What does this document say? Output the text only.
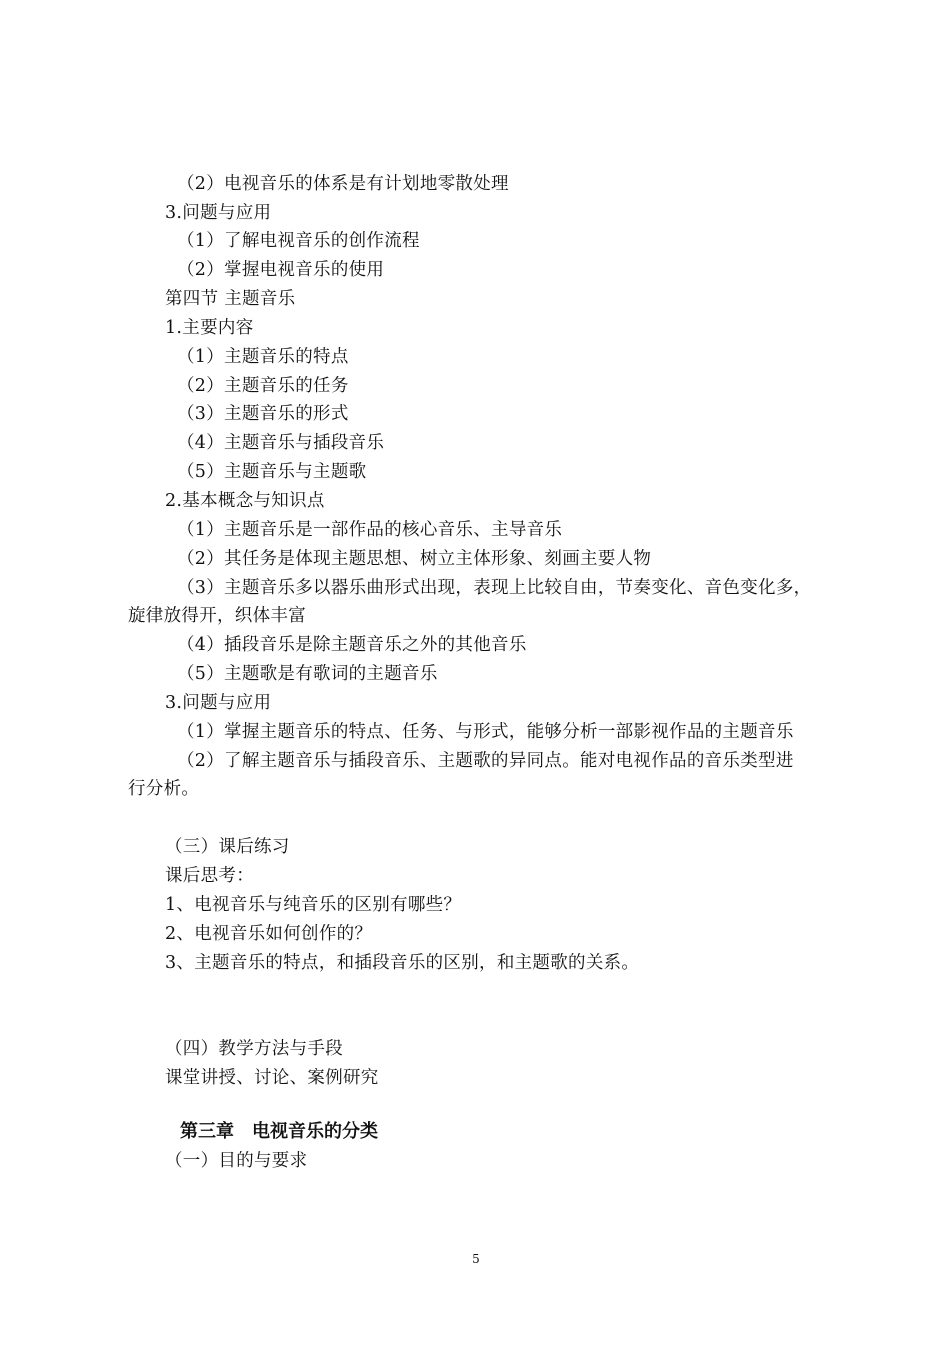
（2）电视音乐的体系是有计划地零散处理
3.问题与应用
（1）了解电视音乐的创作流程
（2）掌握电视音乐的使用
第四节 主题音乐
1.主要内容
（1）主题音乐的特点
（2）主题音乐的任务
（3）主题音乐的形式
（4）主题音乐与插段音乐
（5）主题音乐与主题歌
2.基本概念与知识点
（1）主题音乐是一部作品的核心音乐、主导音乐
（2）其任务是体现主题思想、树立主体形象、刻画主要人物
（3）主题音乐多以器乐曲形式出现，表现上比较自由，节奏变化、音色变化多，
旋律放得开，织体丰富
（4）插段音乐是除主题音乐之外的其他音乐
（5）主题歌是有歌词的主题音乐
3.问题与应用
（1）掌握主题音乐的特点、任务、与形式，能够分析一部影视作品的主题音乐
（2）了解主题音乐与插段音乐、主题歌的异同点。能对电视作品的音乐类型进
行分析。
（三）课后练习
课后思考：
1、电视音乐与纯音乐的区别有哪些？
2、电视音乐如何创作的？
3、主题音乐的特点，和插段音乐的区别，和主题歌的关系。
（四）教学方法与手段
课堂讲授、讨论、案例研究
第三章　电视音乐的分类
（一）目的与要求
5
